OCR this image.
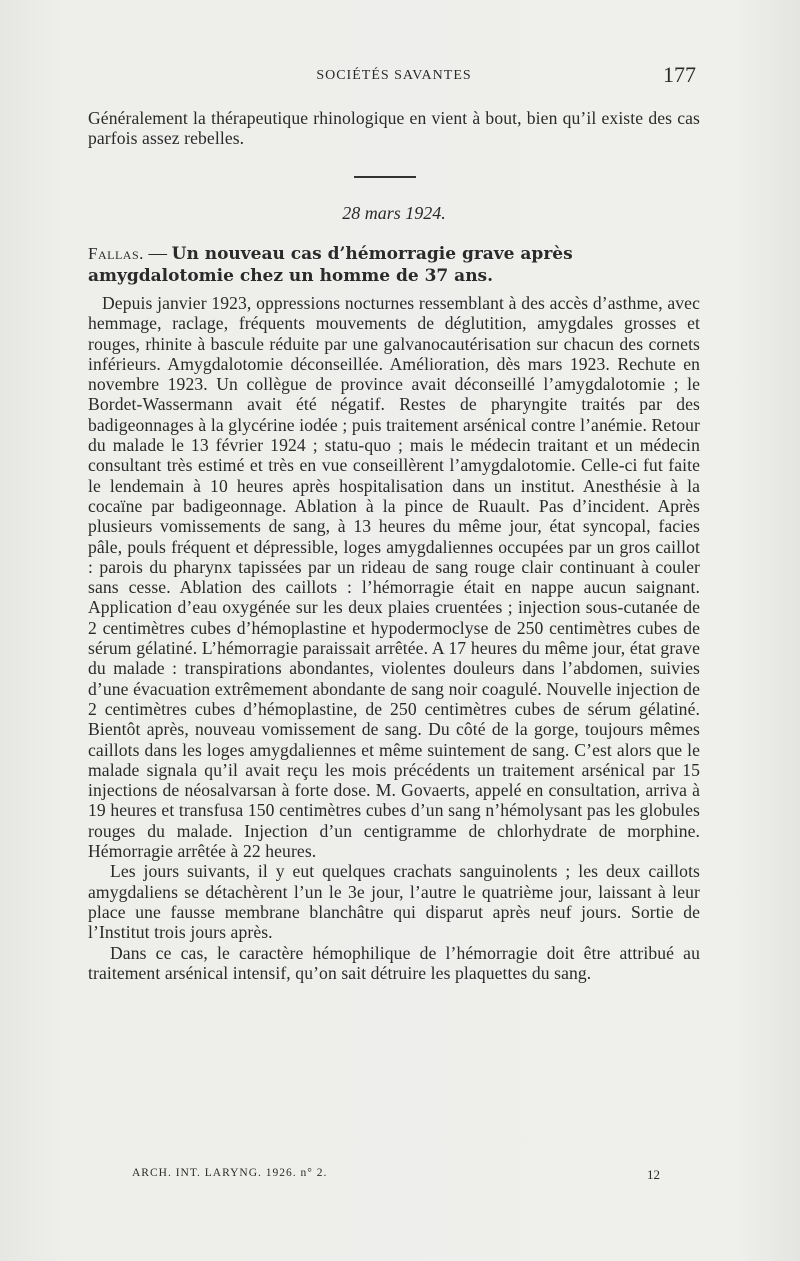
SOCIÉTÉS SAVANTES	177

Généralement la thérapeutique rhinologique en vient à bout, bien qu’il existe des cas parfois assez rebelles.

28 mars 1924.
Fallas. — Un nouveau cas d’hémorragie grave après amygdalotomie chez un homme de 37 ans.

Depuis janvier 1923, oppressions nocturnes ressemblant à des accès d’asthme, avec hemmage, raclage, fréquents mouvements de déglutition, amygdales grosses et rouges, rhinite à bascule réduite par une galvanocautérisation sur chacun des cornets inférieurs. Amygdalotomie déconseillée. Amélioration, dès mars 1923. Rechute en novembre 1923. Un collègue de province avait déconseillé l’amygdalotomie ; le Bordet-Wassermann avait été négatif. Restes de pharyngite traités par des badigeonnages à la glycérine iodée ; puis traitement arsénical contre l’anémie. Retour du malade le 13 février 1924 ; statu-quo ; mais le médecin traitant et un médecin consultant très estimé et très en vue conseillèrent l’amygdalotomie. Celle-ci fut faite le lendemain à 10 heures après hospitalisation dans un institut. Anesthésie à la cocaïne par badigeonnage. Ablation à la pince de Ruault. Pas d’incident. Après plusieurs vomissements de sang, à 13 heures du même jour, état syncopal, facies pâle, pouls fréquent et dépressible, loges amygdaliennes occupées par un gros caillot : parois du pharynx tapissées par un rideau de sang rouge clair continuant à couler sans cesse. Ablation des caillots : l’hémorragie était en nappe aucun saignant. Application d’eau oxygénée sur les deux plaies cruentées ; injection sous-cutanée de 2 centimètres cubes d’hémoplastine et hypodermoclyse de 250 centimètres cubes de sérum gélatiné. L’hémorragie paraissait arrêtée. A 17 heures du même jour, état grave du malade : transpirations abondantes, violentes douleurs dans l’abdomen, suivies d’une évacuation extrêmement abondante de sang noir coagulé. Nouvelle injection de 2 centimètres cubes d’hémoplastine, de 250 centimètres cubes de sérum gélatiné. Bientôt après, nouveau vomissement de sang. Du côté de la gorge, toujours mêmes caillots dans les loges amygdaliennes et même suintement de sang. C’est alors que le malade signala qu’il avait reçu les mois précédents un traitement arsénical par 15 injections de néosalvarsan à forte dose. M. Govaerts, appelé en consultation, arriva à 19 heures et transfusa 150 centimètres cubes d’un sang n’hémolysant pas les globules rouges du malade. Injection d’un centigramme de chlorhydrate de morphine. Hémorragie arrêtée à 22 heures.

Les jours suivants, il y eut quelques crachats sanguinolents ; les deux caillots amygdaliens se détachèrent l’un le 3e jour, l’autre le quatrième jour, laissant à leur place une fausse membrane blanchâtre qui disparut après neuf jours. Sortie de l’Institut trois jours après.

Dans ce cas, le caractère hémophilique de l’hémorragie doit être attribué au traitement arsénical intensif, qu’on sait détruire les plaquettes du sang.

ARCH. INT. LARYNG. 1926. n° 2.	12
